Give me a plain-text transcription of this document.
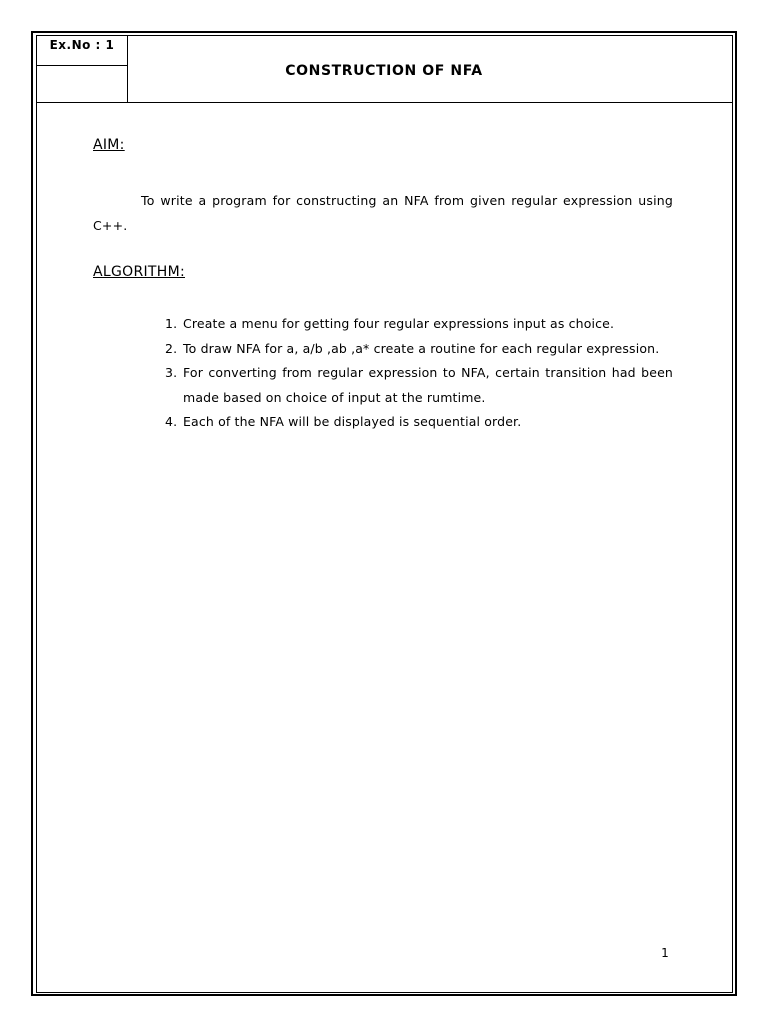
Ex.No : 1
CONSTRUCTION OF NFA
AIM:
To write a program for constructing an NFA from given regular expression using C++.
ALGORITHM:
1. Create a menu for getting four regular expressions input as choice.
2. To draw NFA for a, a/b ,ab ,a* create a routine for each regular expression.
3. For converting from regular expression to NFA, certain transition had been made based on choice of input at the rumtime.
4. Each of the NFA will be displayed is sequential order.
1
